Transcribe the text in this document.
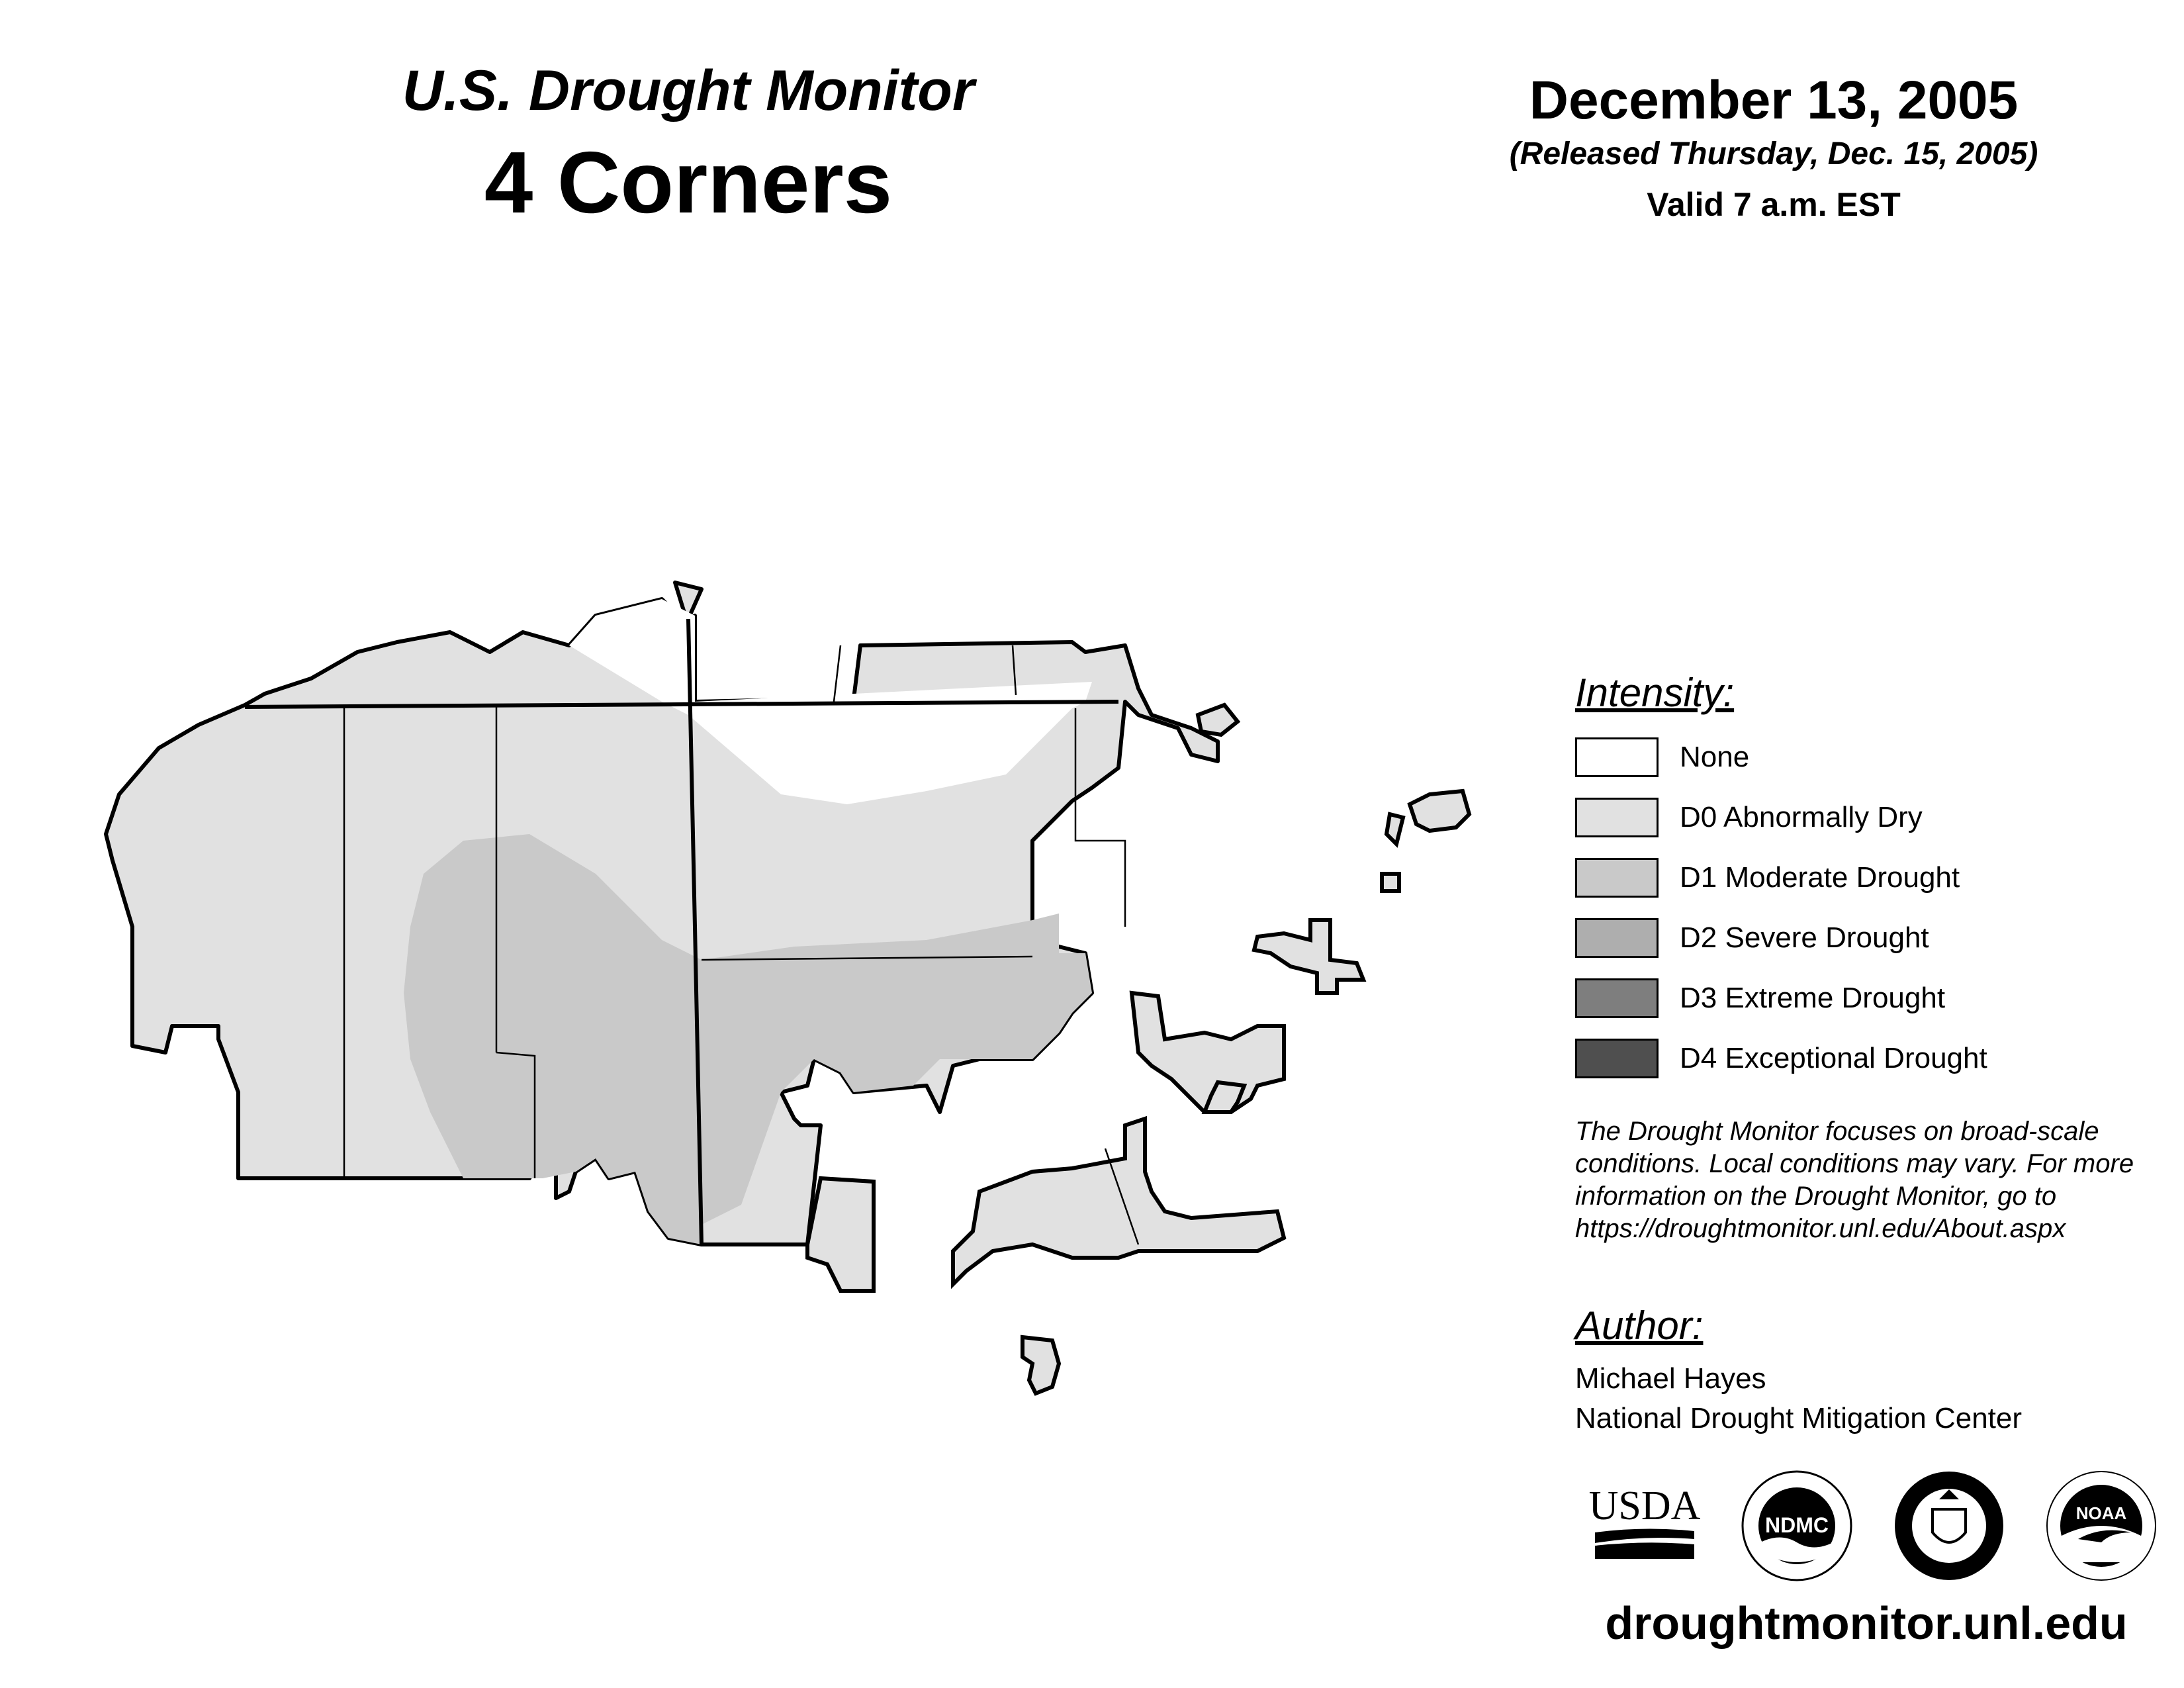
U.S. Drought Monitor
4 Corners
December 13, 2005
(Released Thursday, Dec. 15, 2005)
Valid 7 a.m. EST
Intensity:
None
D0 Abnormally Dry
D1 Moderate Drought
D2 Severe Drought
D3 Extreme Drought
D4 Exceptional Drought
The Drought Monitor focuses on broad-scale conditions. Local conditions may vary. For more information on the Drought Monitor, go to https://droughtmonitor.unl.edu/About.aspx
Author:
Michael Hayes
National Drought Mitigation Center
USDA	NDMC	NOAA
droughtmonitor.unl.edu
